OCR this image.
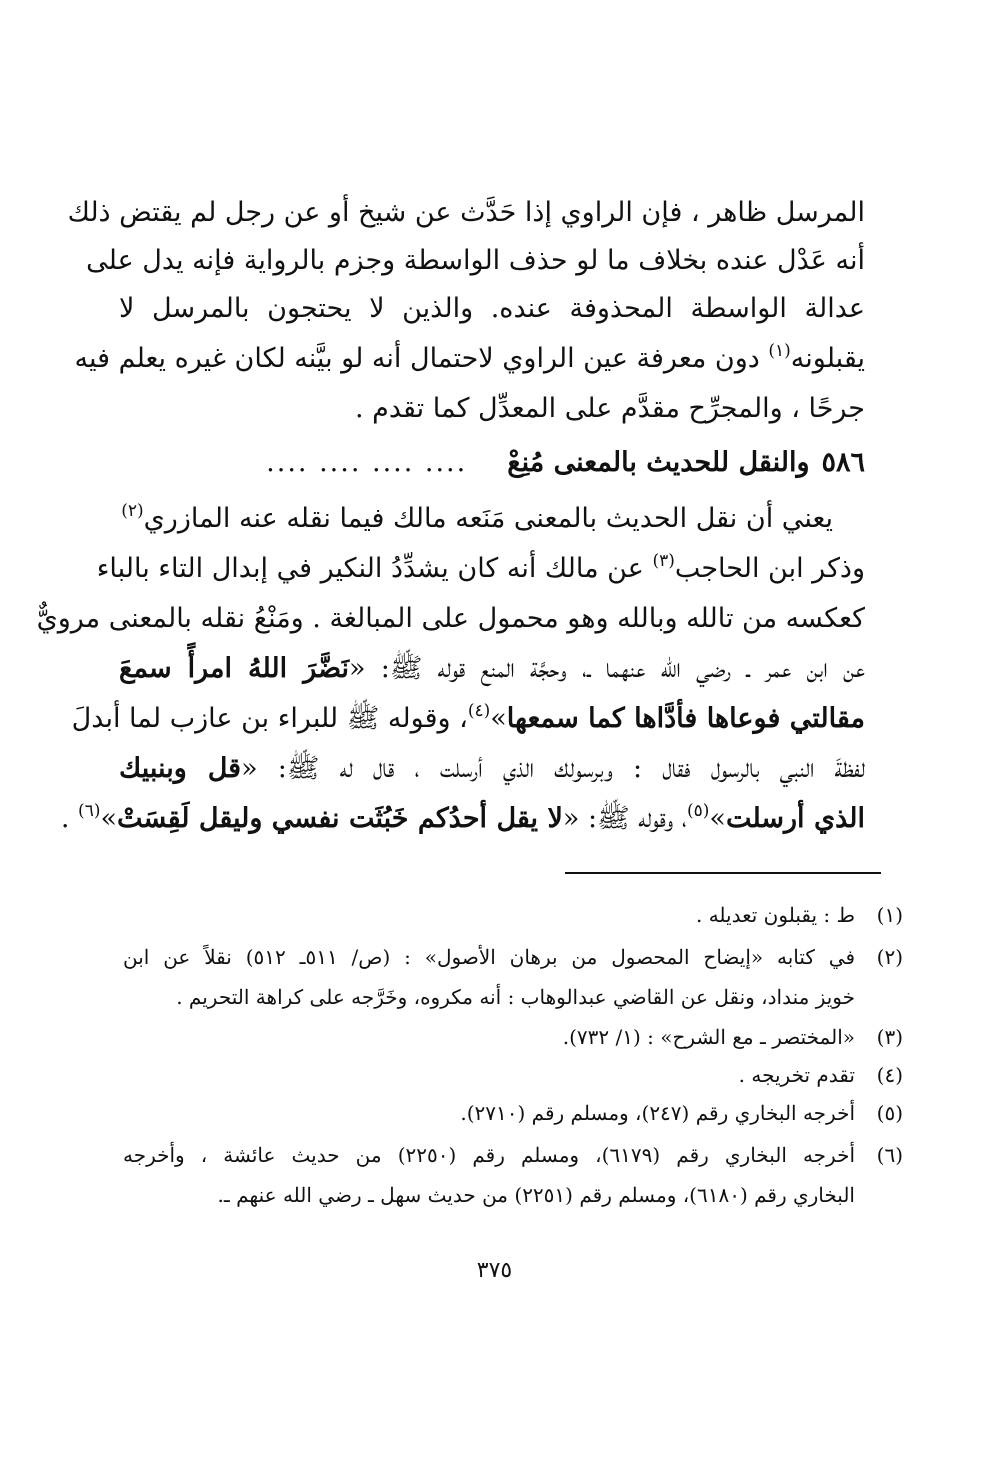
المرسل ظاهر ، فإن الراوي إذا حَدَّث عن شيخ أو عن رجل لم يقتض ذلك
أنه عَدْل عنده بخلاف ما لو حذف الواسطة وجزم بالرواية فإنه يدل على
عدالة الواسطة المحذوفة عنده. والذين لا يحتجون بالمرسل لا
يقبلونه$^{(١)}$ دون معرفة عين الراوي لاحتمال أنه لو بيَّنه لكان غيره يعلم فيه
جرحًا ، والمجرِّح مقدَّم على المعدِّل كما تقدم .
٥٨٦
والنقل للحديث بالمعنى مُنِعْ
.... .... .... ....
يعني أن نقل الحديث بالمعنى مَنَعه مالك فيما نقله عنه المازري$^{(٢)}$
وذكر ابن الحاجب$^{(٣)}$ عن مالك أنه كان يشدِّدُ النكير في إبدال التاء بالباء
كعكسه من تالله وبالله وهو محمول على المبالغة . ومَنْعُ نقله بالمعنى مرويٌّ
عن ابن عمر ـ رضي الله عنهما ـ، وحجَّة المنع قوله ﷺ: «نَضَّرَ اللهُ امرأً سمعَ
مقالتي فوعاها فأدَّاها كما سمعها»$^{(٤)}$، وقوله ﷺ للبراء بن عازب لما أبدلَ
لفظةَ النبي بالرسول فقال : وبرسولك الذي أرسلت ، قال له ﷺ: «قل وبنبيك
الذي أرسلت»$^{(٥)}$، وقوله ﷺ: «لا يقل أحدُكم خَبُثَت نفسي وليقل لَقِسَتْ»$^{(٦)}$ .
(١)
ط : يقبلون تعديله .
(٢)
في كتابه «إيضاح المحصول من برهان الأصول» : (ص/ ٥١١ـ ٥١٢) نقلاً عن ابن
خويز منداد، ونقل عن القاضي عبدالوهاب : أنه مكروه، وخَرَّجه على كراهة التحريم .
(٣)
«المختصر ـ مع الشرح» : (١/ ٧٣٢).
(٤)
تقدم تخريجه .
(٥)
أخرجه البخاري رقم (٢٤٧)، ومسلم رقم (٢٧١٠).
(٦)
أخرجه البخاري رقم (٦١٧٩)، ومسلم رقم (٢٢٥٠) من حديث عائشة ، وأخرجه
البخاري رقم (٦١٨٠)، ومسلم رقم (٢٢٥١) من حديث سهل ـ رضي الله عنهم ـ.
٣٧٥
